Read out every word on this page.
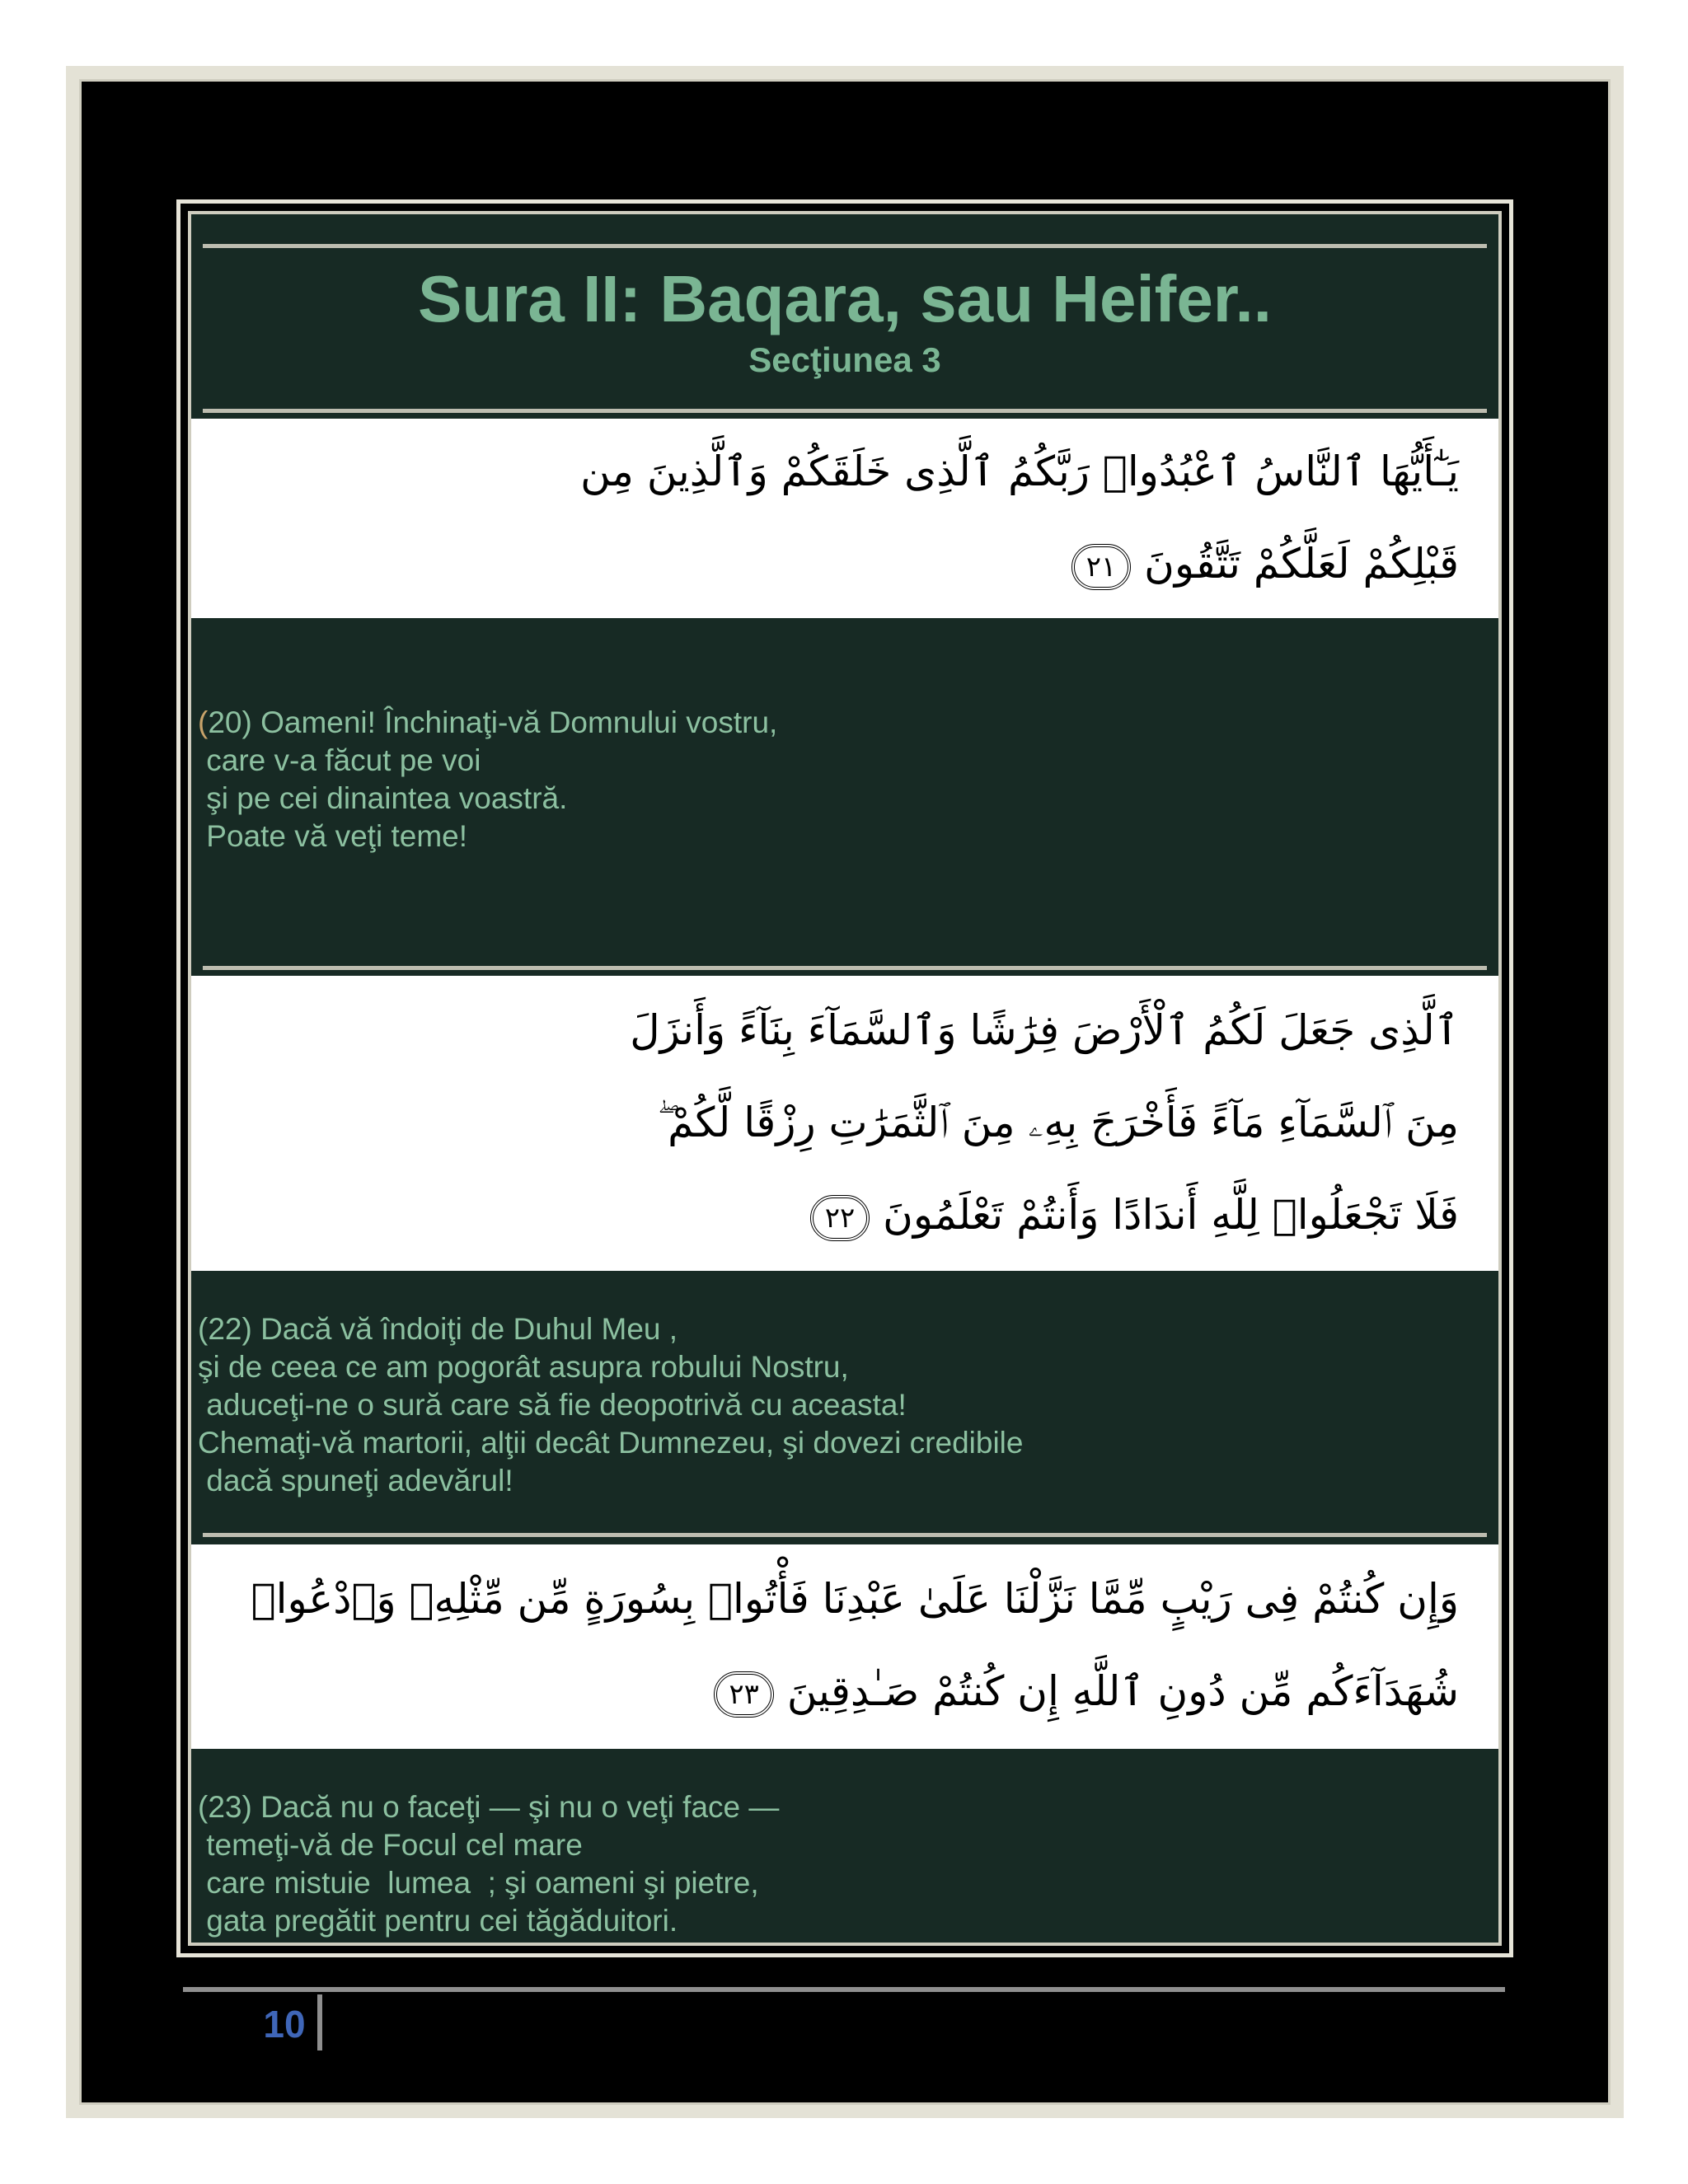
Sura II: Baqara, sau Heifer..
Secţiunea 3
يَـٰٓأَيُّهَا ٱلنَّاسُ ٱعْبُدُوا۟ رَبَّكُمُ ٱلَّذِى خَلَقَكُمْ وَٱلَّذِينَ مِن
قَبْلِكُمْ لَعَلَّكُمْ تَتَّقُونَ ٢١
(20) Oameni! Închinaţi-vă Domnului vostru,
care v-a făcut pe voi
şi pe cei dinaintea voastră.
Poate vă veţi teme!
ٱلَّذِى جَعَلَ لَكُمُ ٱلْأَرْضَ فِرَٰشًا وَٱلسَّمَآءَ بِنَآءً وَأَنزَلَ
مِنَ ٱلسَّمَآءِ مَآءً فَأَخْرَجَ بِهِۦ مِنَ ٱلثَّمَرَٰتِ رِزْقًا لَّكُمْ ۖ
فَلَا تَجْعَلُوا۟ لِلَّهِ أَندَادًا وَأَنتُمْ تَعْلَمُونَ ٢٢
(22) Dacă vă îndoiţi de Duhul Meu ,
şi de ceea ce am pogorât asupra robului Nostru,
aduceţi-ne o sură care să fie deopotrivă cu aceasta!
Chemaţi-vă martorii, alţii decât Dumnezeu, şi dovezi credibile
dacă spuneţi adevărul!
وَإِن كُنتُمْ فِى رَيْبٍ مِّمَّا نَزَّلْنَا عَلَىٰ عَبْدِنَا فَأْتُوا۟ بِسُورَةٍ مِّن مِّثْلِهِۦ وَٱدْعُوا۟
شُهَدَآءَكُم مِّن دُونِ ٱللَّهِ إِن كُنتُمْ صَـٰدِقِينَ ٢٣
(23) Dacă nu o faceţi — şi nu o veţi face —
temeţi-vă de Focul cel mare
care mistuie  lumea  ; şi oameni şi pietre,
gata pregătit pentru cei tăgăduitori.
10
